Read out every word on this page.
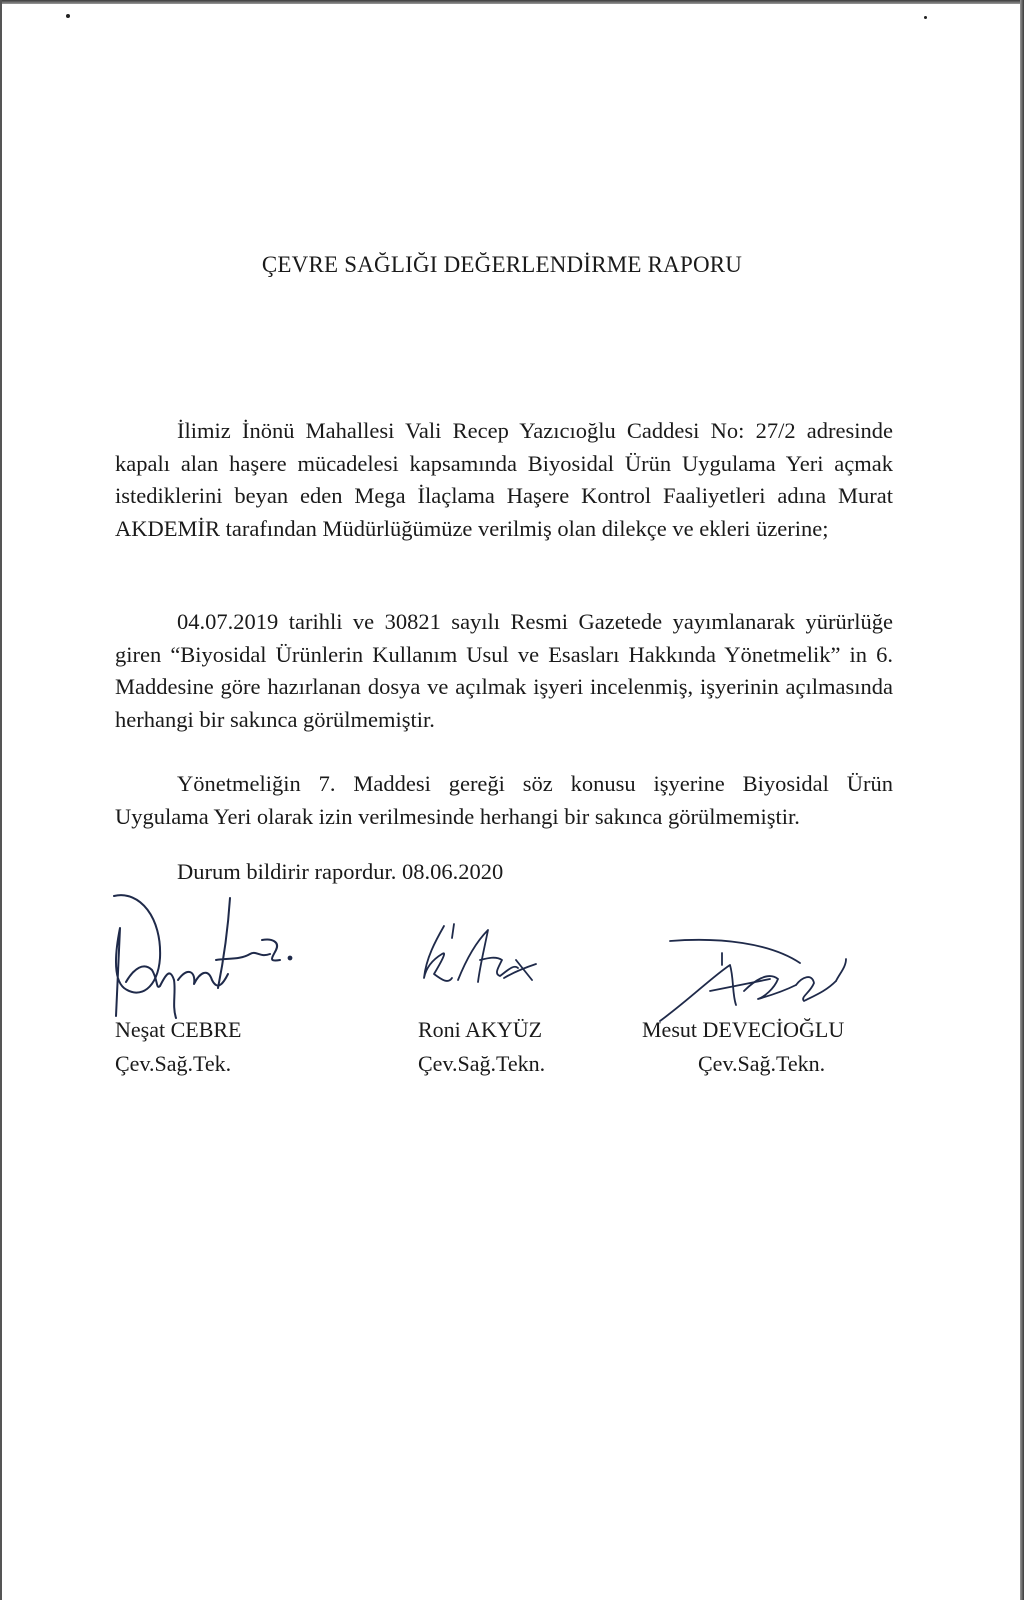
ÇEVRE SAĞLIĞI DEĞERLENDİRME RAPORU

İlimiz İnönü Mahallesi Vali Recep Yazıcıoğlu Caddesi No: 27/2 adresinde kapalı alan haşere mücadelesi kapsamında Biyosidal Ürün Uygulama Yeri açmak istediklerini beyan eden Mega İlaçlama Haşere Kontrol Faaliyetleri adına Murat AKDEMİR tarafından Müdürlüğümüze verilmiş olan dilekçe ve ekleri üzerine;

04.07.2019 tarihli ve 30821 sayılı Resmi Gazetede yayımlanarak yürürlüğe giren “Biyosidal Ürünlerin Kullanım Usul ve Esasları Hakkında Yönetmelik” in 6. Maddesine göre hazırlanan dosya ve açılmak işyeri incelenmiş, işyerinin açılmasında herhangi bir sakınca görülmemiştir.

Yönetmeliğin 7. Maddesi gereği söz konusu işyerine Biyosidal Ürün Uygulama Yeri olarak izin verilmesinde herhangi bir sakınca görülmemiştir.

Durum bildirir rapordur. 08.06.2020

Neşat CEBRE
Çev.Sağ.Tek.
Roni AKYÜZ
Çev.Sağ.Tekn.
Mesut DEVECİOĞLU
Çev.Sağ.Tekn.
